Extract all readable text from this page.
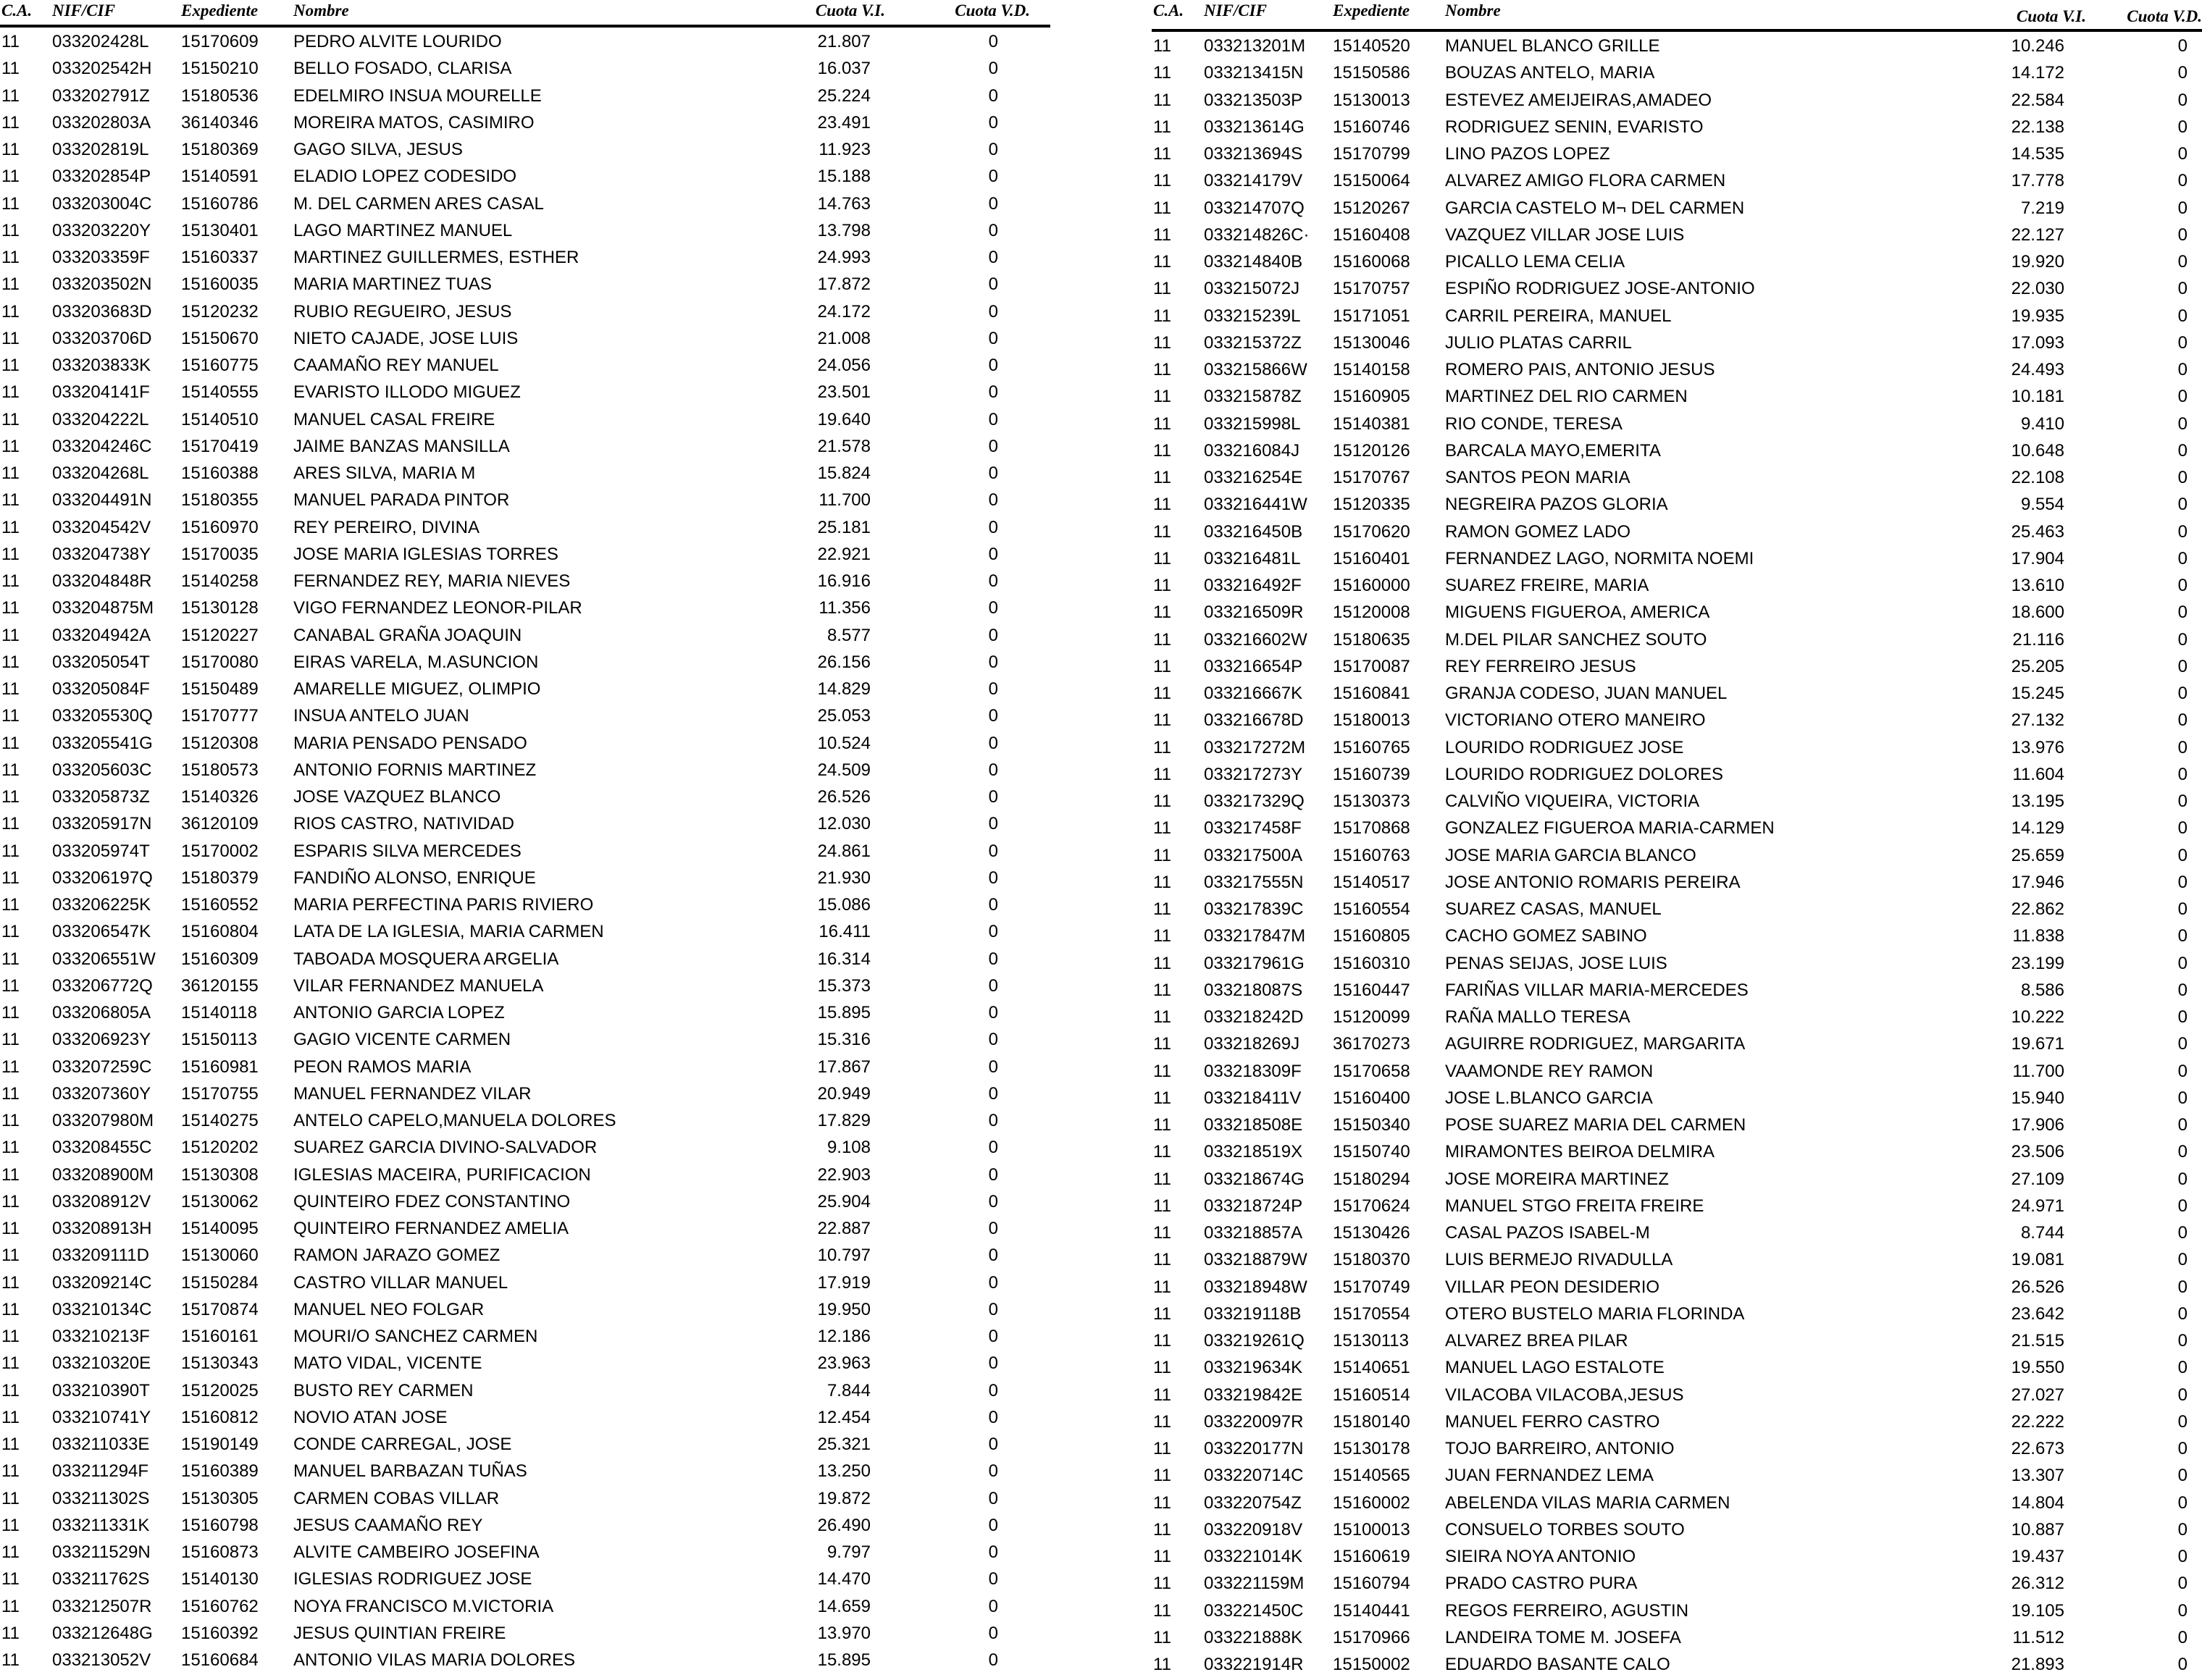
C.A. NIF/CIF	Expediente Nombre	Cuota V.I.	Cuota V.D.
11 033202428L 15170609 PEDRO ALVITE LOURIDO	21.807	0
11 033202542H 15150210 BELLO FOSADO, CLARISA	16.037	0
11 033202791Z 15180536 EDELMIRO INSUA MOURELLE	25.224	0
11 033202803A 36140346 MOREIRA MATOS, CASIMIRO	23.491	0
11 033202819L 15180369 GAGO SILVA, JESUS	11.923	0
11 033202854P 15140591 ELADIO LOPEZ CODESIDO	15.188	0
11 033203004C 15160786 M. DEL CARMEN ARES CASAL	14.763	0
11 033203220Y 15130401 LAGO MARTINEZ MANUEL	13.798	0
11 033203359F 15160337 MARTINEZ GUILLERMES, ESTHER	24.993	0
11 033203502N 15160035 MARIA MARTINEZ TUAS	17.872	0
11 033203683D 15120232 RUBIO REGUEIRO, JESUS	24.172	0
11 033203706D 15150670 NIETO CAJADE, JOSE LUIS	21.008	0
11 033203833K 15160775 CAAMAÑO REY MANUEL	24.056	0
11 033204141F 15140555 EVARISTO ILLODO MIGUEZ	23.501	0
11 033204222L 15140510 MANUEL CASAL FREIRE	19.640	0
11 033204246C 15170419 JAIME BANZAS MANSILLA	21.578	0
11 033204268L 15160388 ARES SILVA, MARIA M	15.824	0
11 033204491N 15180355 MANUEL PARADA PINTOR	11.700	0
11 033204542V 15160970 REY PEREIRO, DIVINA	25.181	0
11 033204738Y 15170035 JOSE MARIA IGLESIAS TORRES	22.921	0
11 033204848R 15140258 FERNANDEZ REY, MARIA NIEVES	16.916	0
11 033204875M 15130128 VIGO FERNANDEZ LEONOR-PILAR	11.356	0
11 033204942A 15120227 CANABAL GRAÑA JOAQUIN	8.577	0
11 033205054T 15170080 EIRAS VARELA, M.ASUNCION	26.156	0
11 033205084F 15150489 AMARELLE MIGUEZ, OLIMPIO	14.829	0
11 033205530Q 15170777 INSUA ANTELO JUAN	25.053	0
11 033205541G 15120308 MARIA PENSADO PENSADO	10.524	0
11 033205603C 15180573 ANTONIO FORNIS MARTINEZ	24.509	0
11 033205873Z 15140326 JOSE VAZQUEZ BLANCO	26.526	0
11 033205917N 36120109 RIOS CASTRO, NATIVIDAD	12.030	0
11 033205974T 15170002 ESPARIS SILVA MERCEDES	24.861	0
11 033206197Q 15180379 FANDIÑO ALONSO, ENRIQUE	21.930	0
11 033206225K 15160552 MARIA PERFECTINA PARIS RIVIERO	15.086	0
11 033206547K 15160804 LATA DE LA IGLESIA, MARIA CARMEN	16.411	0
11 033206551W 15160309 TABOADA MOSQUERA ARGELIA	16.314	0
11 033206772Q 36120155 VILAR FERNANDEZ MANUELA	15.373	0
11 033206805A 15140118 ANTONIO GARCIA LOPEZ	15.895	0
11 033206923Y 15150113 GAGIO VICENTE CARMEN	15.316	0
11 033207259C 15160981 PEON RAMOS MARIA	17.867	0
11 033207360Y 15170755 MANUEL FERNANDEZ VILAR	20.949	0
11 033207980M 15140275 ANTELO CAPELO,MANUELA DOLORES	17.829	0
11 033208455C 15120202 SUAREZ GARCIA DIVINO-SALVADOR	9.108	0
11 033208900M 15130308 IGLESIAS MACEIRA, PURIFICACION	22.903	0
11 033208912V 15130062 QUINTEIRO FDEZ CONSTANTINO	25.904	0
11 033208913H 15140095 QUINTEIRO FERNANDEZ AMELIA	22.887	0
11 033209111D 15130060 RAMON JARAZO GOMEZ	10.797	0
11 033209214C 15150284 CASTRO VILLAR MANUEL	17.919	0
11 033210134C 15170874 MANUEL NEO FOLGAR	19.950	0
11 033210213F 15160161 MOURI/O SANCHEZ CARMEN	12.186	0
11 033210320E 15130343 MATO VIDAL, VICENTE	23.963	0
11 033210390T 15120025 BUSTO REY CARMEN	7.844	0
11 033210741Y 15160812 NOVIO ATAN JOSE	12.454	0
11 033211033E 15190149 CONDE CARREGAL, JOSE	25.321	0
11 033211294F 15160389 MANUEL BARBAZAN TUÑAS	13.250	0
11 033211302S 15130305 CARMEN COBAS VILLAR	19.872	0
11 033211331K 15160798 JESUS CAAMAÑO REY	26.490	0
11 033211529N 15160873 ALVITE CAMBEIRO JOSEFINA	9.797	0
11 033211762S 15140130 IGLESIAS RODRIGUEZ JOSE	14.470	0
11 033212507R 15160762 NOYA FRANCISCO M.VICTORIA	14.659	0
11 033212648G 15160392 JESUS QUINTIAN FREIRE	13.970	0
11 033213052V 15160684 ANTONIO VILAS MARIA DOLORES	15.895	0
C.A. NIF/CIF	Expediente Nombre	Cuota V.I. Cuota V.D.
11 033213201M 15140520 MANUEL BLANCO GRILLE	10.246	0
11 033213415N 15150586 BOUZAS ANTELO, MARIA	14.172	0
11 033213503P 15130013 ESTEVEZ AMEIJEIRAS,AMADEO	22.584	0
11 033213614G 15160746 RODRIGUEZ SENIN, EVARISTO	22.138	0
11 033213694S 15170799 LINO PAZOS LOPEZ	14.535	0
11 033214179V 15150064 ALVAREZ AMIGO FLORA CARMEN	17.778	0
11 033214707Q 15120267 GARCIA CASTELO M¬ DEL CARMEN	7.219	0
11 033214826C· 15160408 VAZQUEZ VILLAR JOSE LUIS	22.127	0
11 033214840B 15160068 PICALLO LEMA CELIA	19.920	0
11 033215072J 15170757 ESPIÑO RODRIGUEZ JOSE-ANTONIO	22.030	0
11 033215239L 15171051 CARRIL PEREIRA, MANUEL	19.935	0
11 033215372Z 15130046 JULIO PLATAS CARRIL	17.093	0
11 033215866W 15140158 ROMERO PAIS, ANTONIO JESUS	24.493	0
11 033215878Z 15160905 MARTINEZ DEL RIO CARMEN	10.181	0
11 033215998L 15140381 RIO CONDE, TERESA	9.410	0
11 033216084J 15120126 BARCALA MAYO,EMERITA	10.648	0
11 033216254E 15170767 SANTOS PEON MARIA	22.108	0
11 033216441W 15120335 NEGREIRA PAZOS GLORIA	9.554	0
11 033216450B 15170620 RAMON GOMEZ LADO	25.463	0
11 033216481L 15160401 FERNANDEZ LAGO, NORMITA NOEMI	17.904	0
11 033216492F 15160000 SUAREZ FREIRE, MARIA	13.610	0
11 033216509R 15120008 MIGUENS FIGUEROA, AMERICA	18.600	0
11 033216602W 15180635 M.DEL PILAR SANCHEZ SOUTO	21.116	0
11 033216654P 15170087 REY FERREIRO JESUS	25.205	0
11 033216667K 15160841 GRANJA CODESO, JUAN MANUEL	15.245	0
11 033216678D 15180013 VICTORIANO OTERO MANEIRO	27.132	0
11 033217272M 15160765 LOURIDO RODRIGUEZ JOSE	13.976	0
11 033217273Y 15160739 LOURIDO RODRIGUEZ DOLORES	11.604	0
11 033217329Q 15130373 CALVIÑO VIQUEIRA, VICTORIA	13.195	0
11 033217458F 15170868 GONZALEZ FIGUEROA MARIA-CARMEN	14.129	0
11 033217500A 15160763 JOSE MARIA GARCIA BLANCO	25.659	0
11 033217555N 15140517 JOSE ANTONIO ROMARIS PEREIRA	17.946	0
11 033217839C 15160554 SUAREZ CASAS, MANUEL	22.862	0
11 033217847M 15160805 CACHO GOMEZ SABINO	11.838	0
11 033217961G 15160310 PENAS SEIJAS, JOSE LUIS	23.199	0
11 033218087S 15160447 FARIÑAS VILLAR MARIA-MERCEDES	8.586	0
11 033218242D 15120099 RAÑA MALLO TERESA	10.222	0
11 033218269J 36170273 AGUIRRE RODRIGUEZ, MARGARITA	19.671	0
11 033218309F 15170658 VAAMONDE REY RAMON	11.700	0
11 033218411V 15160400 JOSE L.BLANCO GARCIA	15.940	0
11 033218508E 15150340 POSE SUAREZ MARIA DEL CARMEN	17.906	0
11 033218519X 15150740 MIRAMONTES BEIROA DELMIRA	23.506	0
11 033218674G 15180294 JOSE MOREIRA MARTINEZ	27.109	0
11 033218724P 15170624 MANUEL STGO FREITA FREIRE	24.971	0
11 033218857A 15130426 CASAL PAZOS ISABEL-M	8.744	0
11 033218879W 15180370 LUIS BERMEJO RIVADULLA	19.081	0
11 033218948W 15170749 VILLAR PEON DESIDERIO	26.526	0
11 033219118B 15170554 OTERO BUSTELO MARIA FLORINDA	23.642	0
11 033219261Q 15130113 ALVAREZ BREA PILAR	21.515	0
11 033219634K 15140651 MANUEL LAGO ESTALOTE	19.550	0
11 033219842E 15160514 VILACOBA VILACOBA,JESUS	27.027	0
11 033220097R 15180140 MANUEL FERRO CASTRO	22.222	0
11 033220177N 15130178 TOJO BARREIRO, ANTONIO	22.673	0
11 033220714C 15140565 JUAN FERNANDEZ LEMA	13.307	0
11 033220754Z 15160002 ABELENDA VILAS MARIA CARMEN	14.804	0
11 033220918V 15100013 CONSUELO TORBES SOUTO	10.887	0
11 033221014K 15160619 SIEIRA NOYA ANTONIO	19.437	0
11 033221159M 15160794 PRADO CASTRO PURA	26.312	0
11 033221450C 15140441 REGOS FERREIRO, AGUSTIN	19.105	0
11 033221888K 15170966 LANDEIRA TOME M. JOSEFA	11.512	0
11 033221914R 15150002 EDUARDO BASANTE CALO	21.893	0
